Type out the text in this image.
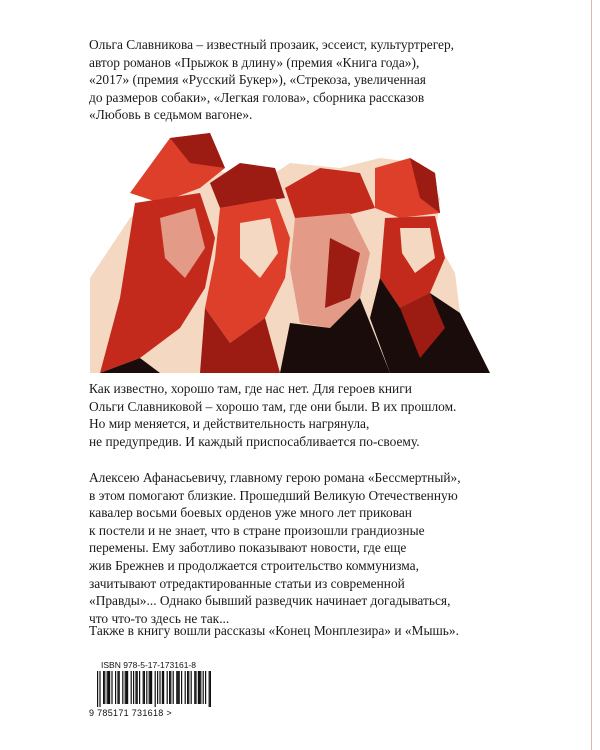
Ольга Славникова – известный прозаик, эссеист, культуртрегер,
автор романов «Прыжок в длину» (премия «Книга года»),
«2017» (премия «Русский Букер»), «Стрекоза, увеличенная
до размеров собаки», «Легкая голова», сборника рассказов
«Любовь в седьмом вагоне».
Как известно, хорошо там, где нас нет. Для героев книги
Ольги Славниковой – хорошо там, где они были. В их прошлом.
Но мир меняется, и действительность нагрянула,
не предупредив. И каждый приспосабливается по-своему.
Алексею Афанасьевичу, главному герою романа «Бессмертный»,
в этом помогают близкие. Прошедший Великую Отечественную
кавалер восьми боевых орденов уже много лет прикован
к постели и не знает, что в стране произошли грандиозные
перемены. Ему заботливо показывают новости, где еще
жив Брежнев и продолжается строительство коммунизма,
зачитывают отредактированные статьи из современной
«Правды»... Однако бывший разведчик начинает догадываться,
что что-то здесь не так...
Также в книгу вошли рассказы «Конец Монплезира» и «Мышь».
ISBN 978-5-17-173161-8
9 785171 731618 >
